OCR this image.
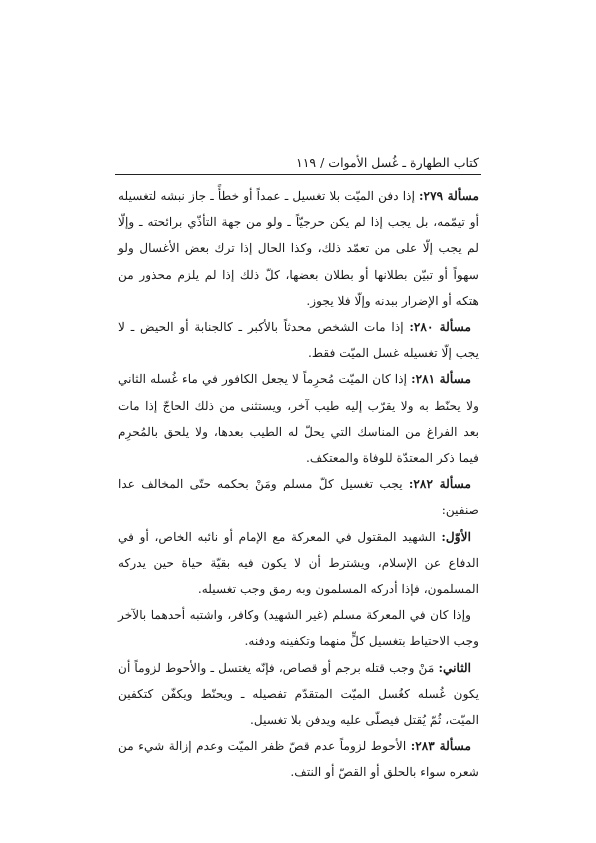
كتاب الطهارة ـ غُسل الأموات / ١١٩

مسألة ٢٧٩: إذا دفن الميّت بلا تغسيل ـ عمداً أو خطأً ـ جاز نبشه لتغسيله أو تيمّمه، بل يجب إذا لم يكن حرجيّاً ـ ولو من جهة التأذّي برائحته ـ وإلّا لم يجب إلّا على من تعمّد ذلك، وكذا الحال إذا ترك بعض الأغسال ولو سهواً أو تبيّن بطلانها أو بطلان بعضها، كلّ ذلك إذا لم يلزم محذور من هتكه أو الإضرار ببدنه وإلّا فلا يجوز.

مسألة ٢٨٠: إذا مات الشخص محدثاً بالأكبر ـ كالجنابة أو الحيض ـ لا يجب إلّا تغسيله غسل الميّت فقط.

مسألة ٢٨١: إذا كان الميّت مُحرِماً لا يجعل الكافور في ماء غُسله الثاني ولا يحنّط به ولا يقرّب إليه طيب آخر، ويستثنى من ذلك الحاجّ إذا مات بعد الفراغ من المناسك التي يحلّ له الطيب بعدها، ولا يلحق بالمُحرِم فيما ذكر المعتدّة للوفاة والمعتكف.

مسألة ٢٨٢: يجب تغسيل كلّ مسلم ومَنْ بحكمه حتّى المخالف عدا صنفين:

الأوّل: الشهيد المقتول في المعركة مع الإمام أو نائبه الخاص، أو في الدفاع عن الإسلام، ويشترط أن لا يكون فيه بقيّة حياة حين يدركه المسلمون، فإذا أدركه المسلمون وبه رمق وجب تغسيله.

وإذا كان في المعركة مسلم (غير الشهيد) وكافر، واشتبه أحدهما بالآخر وجب الاحتياط بتغسيل كلٍّ منهما وتكفينه ودفنه.

الثاني: مَنْ وجب قتله برجم أو قصاص، فإنّه يغتسل ـ والأحوط لزوماً أن يكون غُسله كغُسل الميّت المتقدّم تفصيله ـ ويحنّط ويكفّن كتكفين الميّت، ثُمّ يُقتل فيصلّى عليه ويدفن بلا تغسيل.

مسألة ٢٨٣: الأحوط لزوماً عدم قصّ ظفر الميّت وعدم إزالة شيء من شعره سواء بالحلق أو القصّ أو النتف.
